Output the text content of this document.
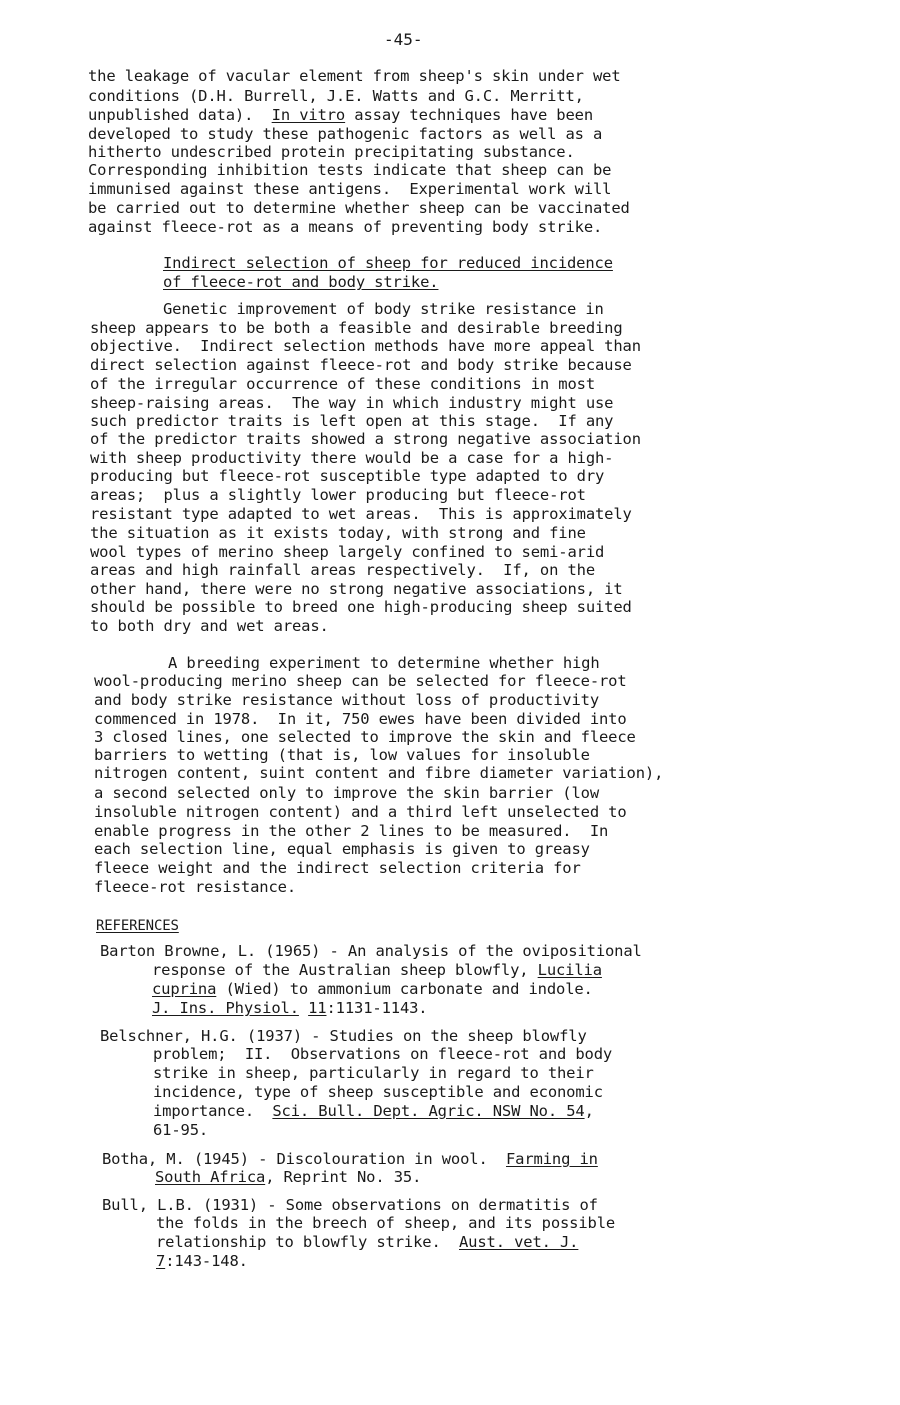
-45-
the leakage of vacular element from sheep's skin under wet
conditions (D.H. Burrell, J.E. Watts and G.C. Merritt,
unpublished data). In vitro assay techniques have been
developed to study these pathogenic factors as well as a
hitherto undescribed protein precipitating substance.
Corresponding inhibition tests indicate that sheep can be
immunised against these antigens.  Experimental work will
be carried out to determine whether sheep can be vaccinated
against fleece-rot as a means of preventing body strike.
Indirect selection of sheep for reduced incidence
of fleece-rot and body strike.
Genetic improvement of body strike resistance in
sheep appears to be both a feasible and desirable breeding
objective.  Indirect selection methods have more appeal than
direct selection against fleece-rot and body strike because
of the irregular occurrence of these conditions in most
sheep-raising areas.  The way in which industry might use
such predictor traits is left open at this stage.  If any
of the predictor traits showed a strong negative association
with sheep productivity there would be a case for a high-
producing but fleece-rot susceptible type adapted to dry
areas;  plus a slightly lower producing but fleece-rot
resistant type adapted to wet areas.  This is approximately
the situation as it exists today, with strong and fine
wool types of merino sheep largely confined to semi-arid
areas and high rainfall areas respectively.  If, on the
other hand, there were no strong negative associations, it
should be possible to breed one high-producing sheep suited
to both dry and wet areas.
A breeding experiment to determine whether high
wool-producing merino sheep can be selected for fleece-rot
and body strike resistance without loss of productivity
commenced in 1978.  In it, 750 ewes have been divided into
3 closed lines, one selected to improve the skin and fleece
barriers to wetting (that is, low values for insoluble
nitrogen content, suint content and fibre diameter variation),
a second selected only to improve the skin barrier (low
insoluble nitrogen content) and a third left unselected to
enable progress in the other 2 lines to be measured.  In
each selection line, equal emphasis is given to greasy
fleece weight and the indirect selection criteria for
fleece-rot resistance.
REFERENCES
Barton Browne, L. (1965) - An analysis of the ovipositional
response of the Australian sheep blowfly, Lucilia
cuprina (Wied) to ammonium carbonate and indole.
J. Ins. Physiol. 11:1131-1143.
Belschner, H.G. (1937) - Studies on the sheep blowfly
problem;  II.  Observations on fleece-rot and body
strike in sheep, particularly in regard to their
incidence, type of sheep susceptible and economic
importance.  Sci. Bull. Dept. Agric. NSW No. 54,
61-95.
Botha, M. (1945) - Discolouration in wool.  Farming in
South Africa, Reprint No. 35.
Bull, L.B. (1931) - Some observations on dermatitis of
the folds in the breech of sheep, and its possible
relationship to blowfly strike.  Aust. vet. J.
7:143-148.
